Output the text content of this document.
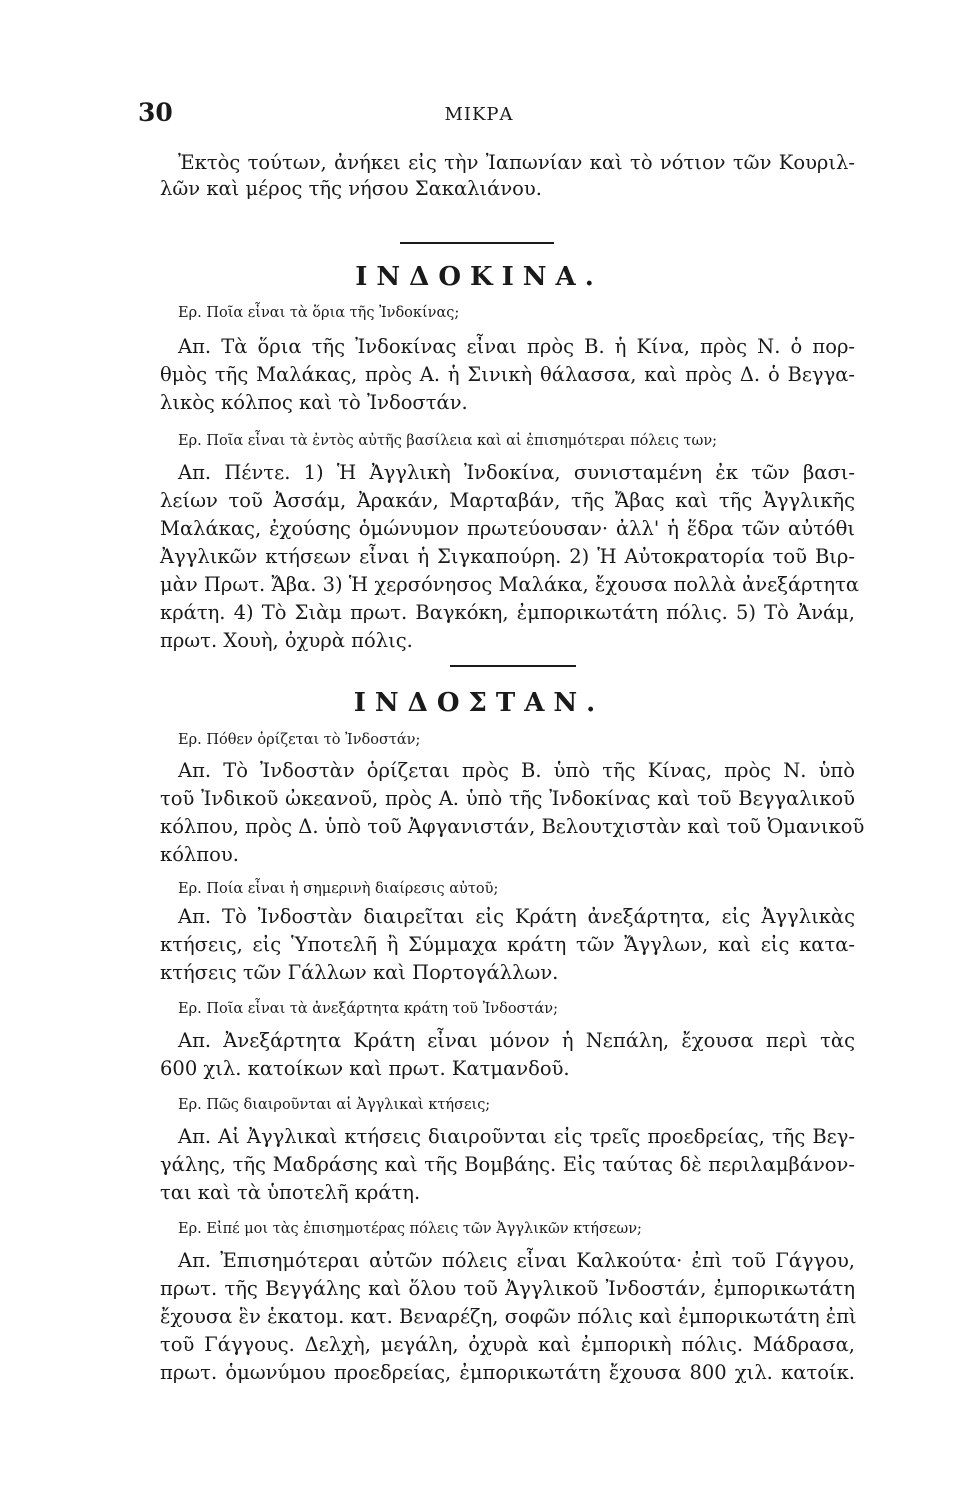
30	ΜΙΚΡΑ
Ἐκτὸς τούτων, ἀνήκει εἰς τὴν Ἰαπωνίαν καὶ τὸ νότιον τῶν Κουριλ-
λῶν καὶ μέρος τῆς νήσου Σακαλιάνου.
ΙΝΔΟΚΙΝΑ.
Ερ. Ποῖα εἶναι τὰ ὅρια τῆς Ἰνδοκίνας;
Απ. Τὰ ὅρια τῆς Ἰνδοκίνας εἶναι πρὸς Β. ἡ Κίνα, πρὸς Ν. ὁ πορ-
θμὸς τῆς Μαλάκας, πρὸς Α. ἡ Σινικὴ θάλασσα, καὶ πρὸς Δ. ὁ Βεγγα-
λικὸς κόλπος καὶ τὸ Ἰνδοστάν.
Ερ. Ποῖα εἶναι τὰ ἐντὸς αὐτῆς βασίλεια καὶ αἱ ἐπισημότεραι πόλεις των;
Απ. Πέντε. 1) Ἡ Ἀγγλικὴ Ἰνδοκίνα, συνισταμένη ἐκ τῶν βασι-
λείων τοῦ Ἀσσάμ, Ἀρακάν, Μαρταβάν, τῆς Ἄβας καὶ τῆς Ἀγγλικῆς
Μαλάκας, ἐχούσης ὁμώνυμον πρωτεύουσαν· ἀλλ' ἡ ἕδρα τῶν αὐτόθι
Ἀγγλικῶν κτήσεων εἶναι ἡ Σιγκαπούρη. 2) Ἡ Αὐτοκρατορία τοῦ Βιρ-
μὰν Πρωτ. Ἄβα. 3) Ἡ χερσόνησος Μαλάκα, ἔχουσα πολλὰ ἀνεξάρτητα
κράτη. 4) Τὸ Σιὰμ πρωτ. Βαγκόκη, ἐμπορικωτάτη πόλις. 5) Τὸ Ἀνάμ,
πρωτ. Χουὴ, ὀχυρὰ πόλις.
ΙΝΔΟΣΤΑΝ.
Ερ. Πόθεν ὁρίζεται τὸ Ἰνδοστάν;
Απ. Τὸ Ἰνδοστὰν ὁρίζεται πρὸς Β. ὑπὸ τῆς Κίνας, πρὸς Ν. ὑπὸ
τοῦ Ἰνδικοῦ ὠκεανοῦ, πρὸς Α. ὑπὸ τῆς Ἰνδοκίνας καὶ τοῦ Βεγγαλικοῦ
κόλπου, πρὸς Δ. ὑπὸ τοῦ Ἀφγανιστάν, Βελουτχιστὰν καὶ τοῦ Ὀμανικοῦ
κόλπου.
Ερ. Ποία εἶναι ἡ σημερινὴ διαίρεσις αὐτοῦ;
Απ. Τὸ Ἰνδοστὰν διαιρεῖται εἰς Κράτη ἀνεξάρτητα, εἰς Ἀγγλικὰς
κτήσεις, εἰς Ὑποτελῆ ἢ Σύμμαχα κράτη τῶν Ἄγγλων, καὶ εἰς κατα-
κτήσεις τῶν Γάλλων καὶ Πορτογάλλων.
Ερ. Ποῖα εἶναι τὰ ἀνεξάρτητα κράτη τοῦ Ἰνδοστάν;
Απ. Ἀνεξάρτητα Κράτη εἶναι μόνον ἡ Νεπάλη, ἔχουσα περὶ τὰς
600 χιλ. κατοίκων καὶ πρωτ. Κατμανδοῦ.
Ερ. Πῶς διαιροῦνται αἱ Ἀγγλικαὶ κτήσεις;
Απ. Αἱ Ἀγγλικαὶ κτήσεις διαιροῦνται εἰς τρεῖς προεδρείας, τῆς Βεγ-
γάλης, τῆς Μαδράσης καὶ τῆς Βομβάης. Εἰς ταύτας δὲ περιλαμβάνον-
ται καὶ τὰ ὑποτελῆ κράτη.
Ερ. Εἰπέ μοι τὰς ἐπισημοτέρας πόλεις τῶν Ἀγγλικῶν κτήσεων;
Απ. Ἐπισημότεραι αὐτῶν πόλεις εἶναι Καλκούτα· ἐπὶ τοῦ Γάγγου,
πρωτ. τῆς Βεγγάλης καὶ ὅλου τοῦ Ἀγγλικοῦ Ἰνδοστάν, ἐμπορικωτάτη
ἔχουσα ἓν ἑκατομ. κατ. Βεναρέζη, σοφῶν πόλις καὶ ἐμπορικωτάτη ἐπὶ
τοῦ Γάγγους. Δελχὴ, μεγάλη, ὀχυρὰ καὶ ἐμπορικὴ πόλις. Μάδρασα,
πρωτ. ὁμωνύμου προεδρείας, ἐμπορικωτάτη ἔχουσα 800 χιλ. κατοίκ.
